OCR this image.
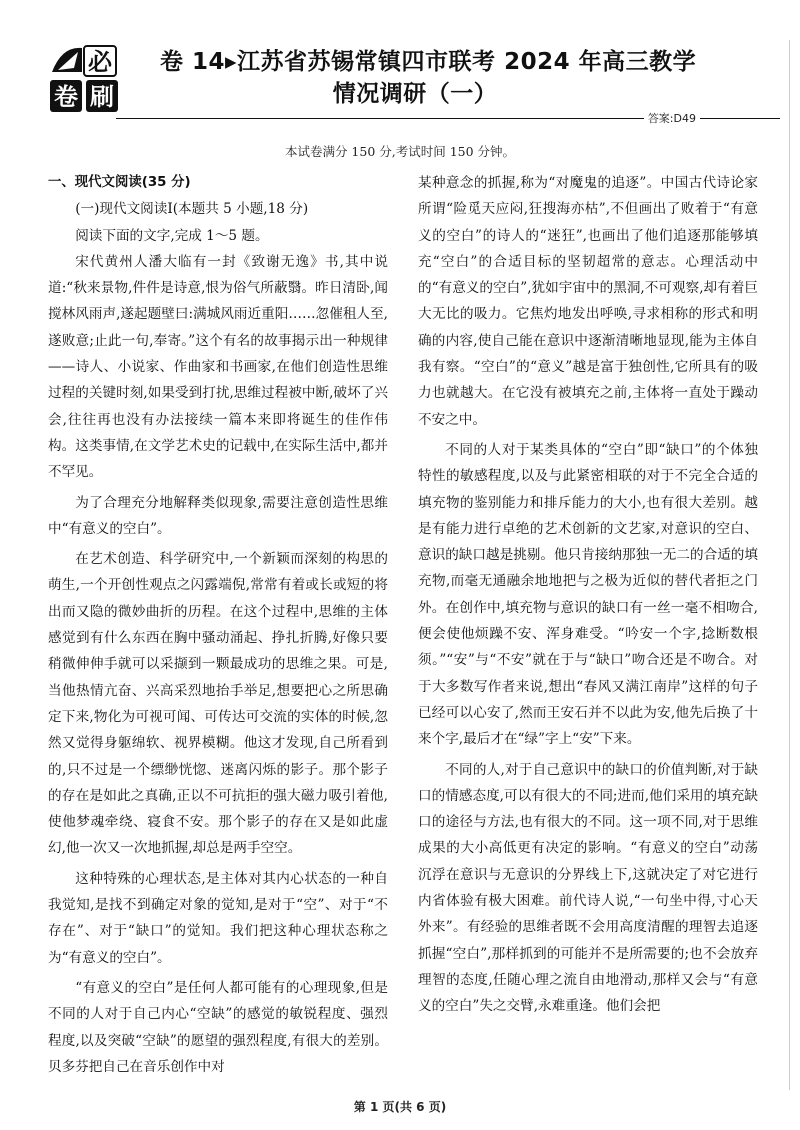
必
卷 刷
卷 14▸江苏省苏锡常镇四市联考 2024 年高三教学
情况调研（一）
答案:D49
本试卷满分 150 分,考试时间 150 分钟。

一、现代文阅读(35 分)

(一)现代文阅读Ⅰ(本题共 5 小题,18 分)

阅读下面的文字,完成 1～5 题。

宋代黄州人潘大临有一封《致谢无逸》书,其中说道:“秋来景物,件件是诗意,恨为俗气所蔽翳。昨日清卧,闻搅林风雨声,遂起题壁曰:满城风雨近重阳……忽催租人至,遂败意;止此一句,奉寄。”这个有名的故事揭示出一种规律——诗人、小说家、作曲家和书画家,在他们创造性思维过程的关键时刻,如果受到打扰,思维过程被中断,破坏了兴会,往往再也没有办法接续一篇本来即将诞生的佳作伟构。这类事情,在文学艺术史的记载中,在实际生活中,都并不罕见。

为了合理充分地解释类似现象,需要注意创造性思维中“有意义的空白”。

在艺术创造、科学研究中,一个新颖而深刻的构思的萌生,一个开创性观点之闪露端倪,常常有着或长或短的将出而又隐的微妙曲折的历程。在这个过程中,思维的主体感觉到有什么东西在胸中骚动涌起、挣扎折腾,好像只要稍微伸伸手就可以采撷到一颗最成功的思维之果。可是,当他热情亢奋、兴高采烈地抬手举足,想要把心之所思确定下来,物化为可视可闻、可传达可交流的实体的时候,忽然又觉得身躯绵软、视界模糊。他这才发现,自己所看到的,只不过是一个缥缈恍惚、迷离闪烁的影子。那个影子的存在是如此之真确,正以不可抗拒的强大磁力吸引着他,使他梦魂牵绕、寝食不安。那个影子的存在又是如此虚幻,他一次又一次地抓握,却总是两手空空。

这种特殊的心理状态,是主体对其内心状态的一种自我觉知,是找不到确定对象的觉知,是对于“空”、对于“不存在”、对于“缺口”的觉知。我们把这种心理状态称之为“有意义的空白”。

“有意义的空白”是任何人都可能有的心理现象,但是不同的人对于自己内心“空缺”的感觉的敏锐程度、强烈程度,以及突破“空缺”的愿望的强烈程度,有很大的差别。贝多芬把自己在音乐创作中对

某种意念的抓握,称为“对魔鬼的追逐”。中国古代诗论家所谓“险觅天应闷,狂搜海亦枯”,不但画出了败着于“有意义的空白”的诗人的“迷狂”,也画出了他们追逐那能够填充“空白”的合适目标的坚韧超常的意志。心理活动中的“有意义的空白”,犹如宇宙中的黑洞,不可观察,却有着巨大无比的吸力。它焦灼地发出呼唤,寻求相称的形式和明确的内容,使自己能在意识中逐渐清晰地显现,能为主体自我有察。“空白”的“意义”越是富于独创性,它所具有的吸力也就越大。在它没有被填充之前,主体将一直处于躁动不安之中。

不同的人对于某类具体的“空白”即“缺口”的个体独特性的敏感程度,以及与此紧密相联的对于不完全合适的填充物的鉴别能力和排斥能力的大小,也有很大差别。越是有能力进行卓绝的艺术创新的文艺家,对意识的空白、意识的缺口越是挑剔。他只肯接纳那独一无二的合适的填充物,而毫无通融余地地把与之极为近似的替代者拒之门外。在创作中,填充物与意识的缺口有一丝一毫不相吻合,便会使他烦躁不安、浑身难受。“吟安一个字,捻断数根须。”“安”与“不安”就在于与“缺口”吻合还是不吻合。对于大多数写作者来说,想出“春风又满江南岸”这样的句子已经可以心安了,然而王安石并不以此为安,他先后换了十来个字,最后才在“绿”字上“安”下来。

不同的人,对于自己意识中的缺口的价值判断,对于缺口的情感态度,可以有很大的不同;进而,他们采用的填充缺口的途径与方法,也有很大的不同。这一项不同,对于思维成果的大小高低更有决定的影响。“有意义的空白”动荡沉浮在意识与无意识的分界线上下,这就决定了对它进行内省体验有极大困难。前代诗人说,“一句坐中得,寸心天外来”。有经验的思维者既不会用高度清醒的理智去追逐抓握“空白”,那样抓到的可能并不是所需要的;也不会放弃理智的态度,任随心理之流自由地滑动,那样又会与“有意义的空白”失之交臂,永难重逢。他们会把

第 1 页(共 6 页)
